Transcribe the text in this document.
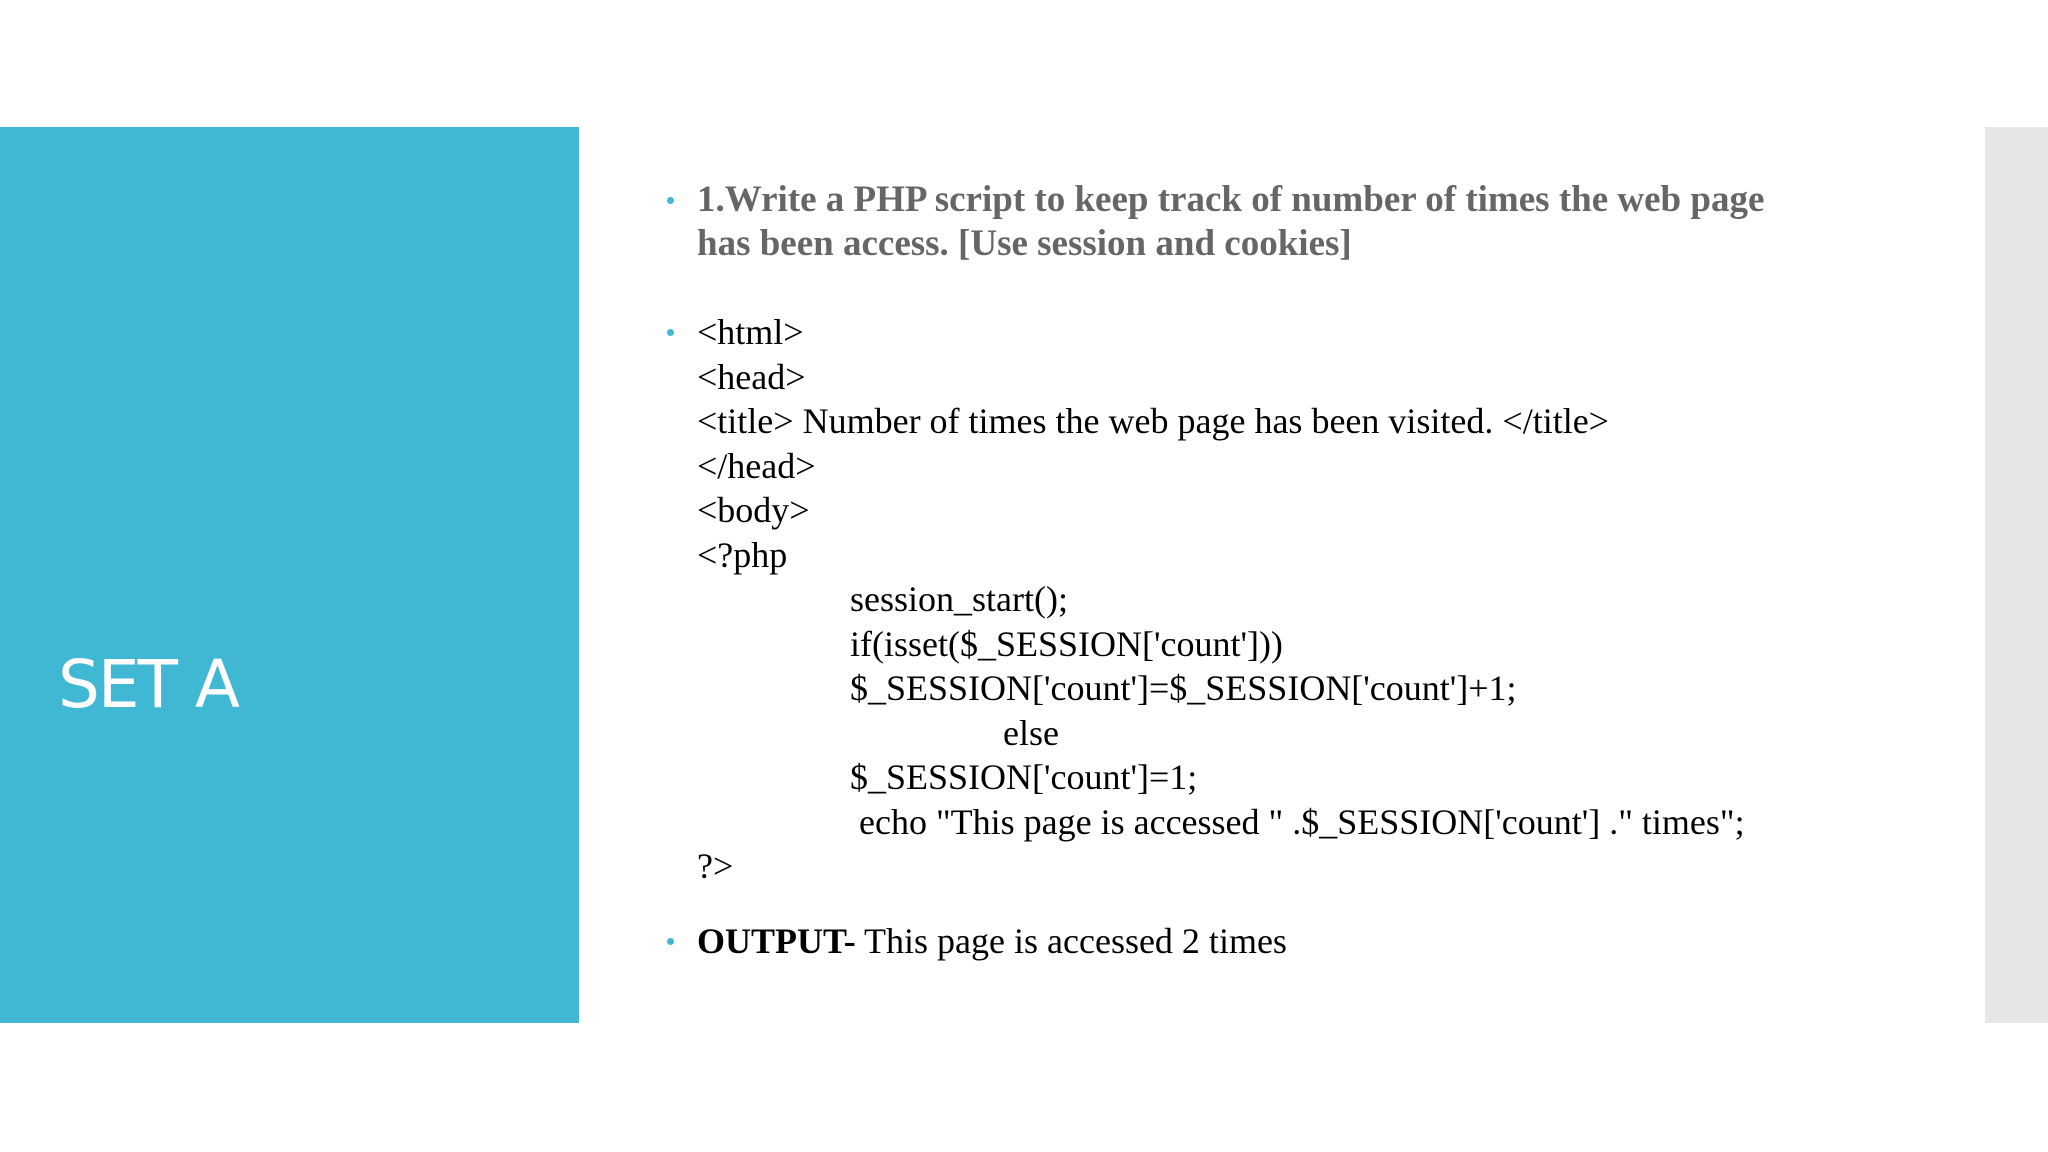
SET A
1.Write a PHP script to keep track of number of times the web page
has been access. [Use session and cookies]
<html>
<head>
<title> Number of times the web page has been visited. </title>
</head>
<body>
<?php
session_start();
if(isset($_SESSION['count']))
$_SESSION['count']=$_SESSION['count']+1;
else
$_SESSION['count']=1;
echo "This page is accessed " .$_SESSION['count'] ." times";
?>
OUTPUT- This page is accessed 2 times
